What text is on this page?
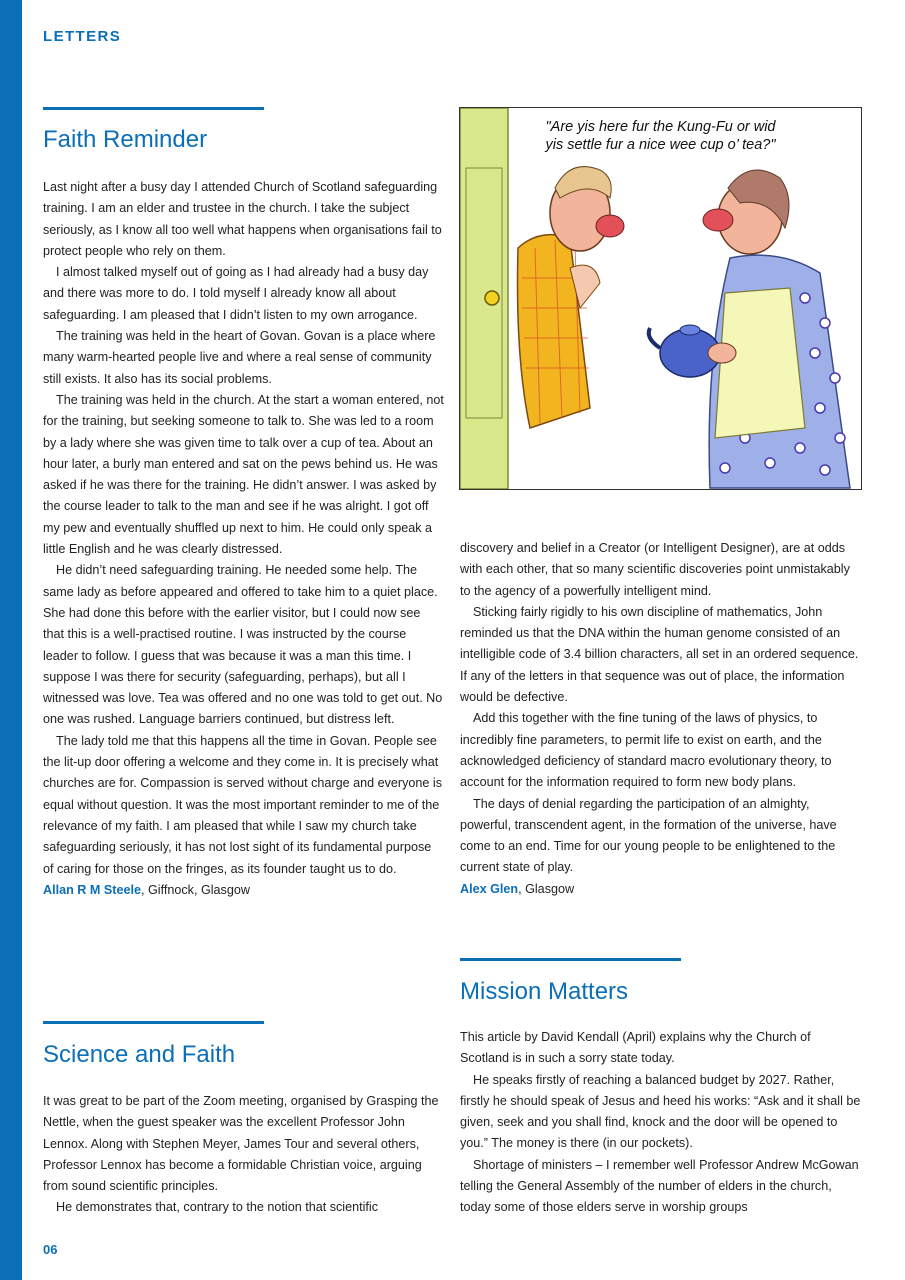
LETTERS
Faith Reminder

Last night after a busy day I attended Church of Scotland safeguarding training. I am an elder and trustee in the church. I take the subject seriously, as I know all too well what happens when organisations fail to protect people who rely on them.

I almost talked myself out of going as I had already had a busy day and there was more to do. I told myself I already know all about safeguarding. I am pleased that I didn’t listen to my own arrogance.

The training was held in the heart of Govan. Govan is a place where many warm-hearted people live and where a real sense of community still exists. It also has its social problems.

The training was held in the church. At the start a woman entered, not for the training, but seeking someone to talk to. She was led to a room by a lady where she was given time to talk over a cup of tea. About an hour later, a burly man entered and sat on the pews behind us. He was asked if he was there for the training. He didn’t answer. I was asked by the course leader to talk to the man and see if he was alright. I got off my pew and eventually shuffled up next to him. He could only speak a little English and he was clearly distressed.

He didn’t need safeguarding training. He needed some help. The same lady as before appeared and offered to take him to a quiet place. She had done this before with the earlier visitor, but I could now see that this is a well-practised routine. I was instructed by the course leader to follow. I guess that was because it was a man this time. I suppose I was there for security (safeguarding, perhaps), but all I witnessed was love. Tea was offered and no one was told to get out. No one was rushed. Language barriers continued, but distress left.

The lady told me that this happens all the time in Govan. People see the lit-up door offering a welcome and they come in. It is precisely what churches are for. Compassion is served without charge and everyone is equal without question. It was the most important reminder to me of the relevance of my faith. I am pleased that while I saw my church take safeguarding seriously, it has not lost sight of its fundamental purpose of caring for those on the fringes, as its founder taught us to do.

Allan R M Steele, Giffnock, Glasgow

Science and Faith

It was great to be part of the Zoom meeting, organised by Grasping the Nettle, when the guest speaker was the excellent Professor John Lennox. Along with Stephen Meyer, James Tour and several others, Professor Lennox has become a formidable Christian voice, arguing from sound scientific principles.

He demonstrates that, contrary to the notion that scientific

"Are yis here fur the Kung-Fu or wid
yis settle fur a nice wee cup o’ tea?"

discovery and belief in a Creator (or Intelligent Designer), are at odds with each other, that so many scientific discoveries point unmistakably to the agency of a powerfully intelligent mind.

Sticking fairly rigidly to his own discipline of mathematics, John reminded us that the DNA within the human genome consisted of an intelligible code of 3.4 billion characters, all set in an ordered sequence. If any of the letters in that sequence was out of place, the information would be defective.

Add this together with the fine tuning of the laws of physics, to incredibly fine parameters, to permit life to exist on earth, and the acknowledged deficiency of standard macro evolutionary theory, to account for the information required to form new body plans.

The days of denial regarding the participation of an almighty, powerful, transcendent agent, in the formation of the universe, have come to an end. Time for our young people to be enlightened to the current state of play.

Alex Glen, Glasgow

Mission Matters

This article by David Kendall (April) explains why the Church of Scotland is in such a sorry state today.

He speaks firstly of reaching a balanced budget by 2027. Rather, firstly he should speak of Jesus and heed his works: “Ask and it shall be given, seek and you shall find, knock and the door will be opened to you.” The money is there (in our pockets).

Shortage of ministers – I remember well Professor Andrew McGowan telling the General Assembly of the number of elders in the church, today some of those elders serve in worship groups

06
